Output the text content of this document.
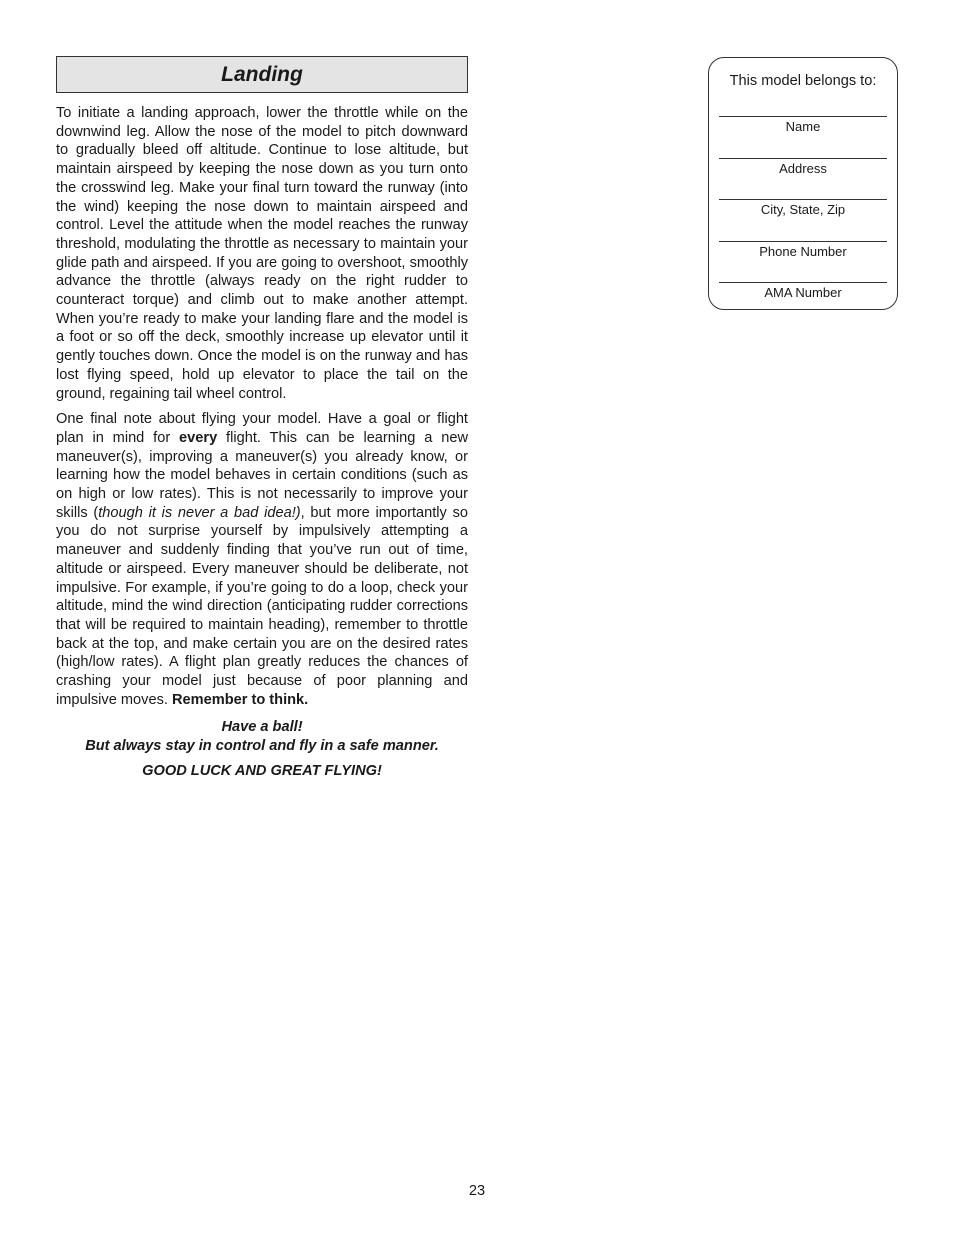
Landing

To initiate a landing approach, lower the throttle while on the downwind leg. Allow the nose of the model to pitch downward to gradually bleed off altitude. Continue to lose altitude, but maintain airspeed by keeping the nose down as you turn onto the crosswind leg. Make your final turn toward the runway (into the wind) keeping the nose down to maintain airspeed and control. Level the attitude when the model reaches the runway threshold, modulating the throttle as necessary to maintain your glide path and airspeed. If you are going to overshoot, smoothly advance the throttle (always ready on the right rudder to counteract torque) and climb out to make another attempt. When you’re ready to make your landing flare and the model is a foot or so off the deck, smoothly increase up elevator until it gently touches down. Once the model is on the runway and has lost flying speed, hold up elevator to place the tail on the ground, regaining tail wheel control.

One final note about flying your model. Have a goal or flight plan in mind for every flight. This can be learning a new maneuver(s), improving a maneuver(s) you already know, or learning how the model behaves in certain conditions (such as on high or low rates). This is not necessarily to improve your skills (though it is never a bad idea!), but more importantly so you do not surprise yourself by impulsively attempting a maneuver and suddenly finding that you’ve run out of time, altitude or airspeed. Every maneuver should be deliberate, not impulsive. For example, if you’re going to do a loop, check your altitude, mind the wind direction (anticipating rudder corrections that will be required to maintain heading), remember to throttle back at the top, and make certain you are on the desired rates (high/low rates). A flight plan greatly reduces the chances of crashing your model just because of poor planning and impulsive moves. Remember to think.

Have a ball!
But always stay in control and fly in a safe manner.
GOOD LUCK AND GREAT FLYING!

This model belongs to:

Name
Address
City, State, Zip
Phone Number
AMA Number
23
